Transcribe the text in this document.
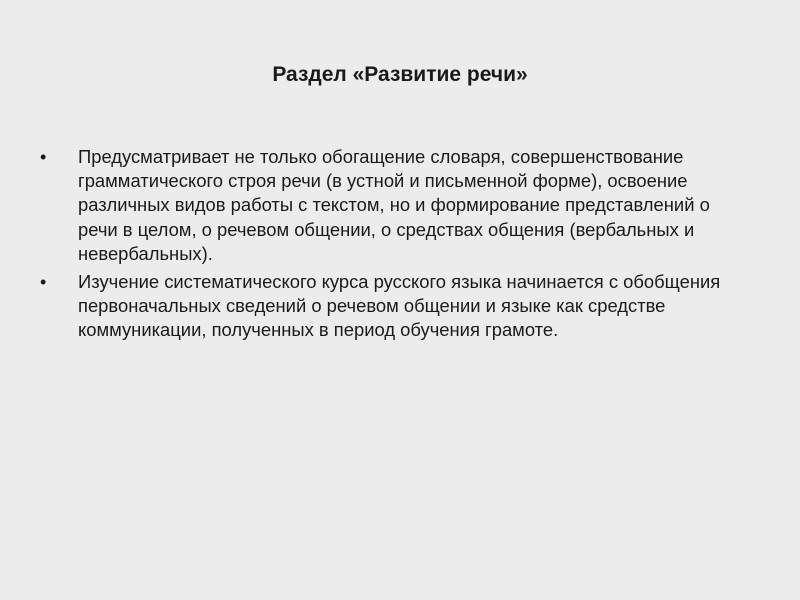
Раздел «Развитие речи»
•	Предусматривает не только обогащение словаря, совершенствование грамматического строя речи (в устной и письменной форме), освоение различных видов работы с текстом, но и формирование представлений о речи в целом, о речевом общении, о средствах общения (вербальных и невербальных).
•	Изучение систематического курса русского языка начинается с обобщения первоначальных сведений о речевом общении и языке как средстве коммуникации, полученных в период обучения грамоте.
